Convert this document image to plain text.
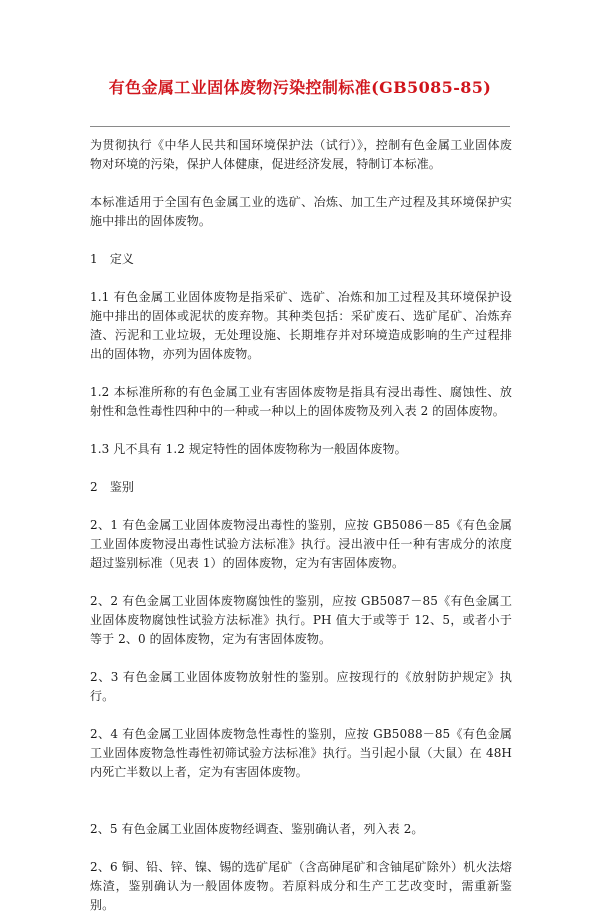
有色金属工业固体废物污染控制标准(GB5085-85)

为贯彻执行《中华人民共和国环境保护法（试行）》，控制有色金属工业固体废物对环境的污染，保护人体健康，促进经济发展，特制订本标准。

本标准适用于全国有色金属工业的选矿、冶炼、加工生产过程及其环境保护实施中排出的固体废物。

1　定义

1.1 有色金属工业固体废物是指采矿、选矿、冶炼和加工过程及其环境保护设施中排出的固体或泥状的废弃物。其种类包括：采矿废石、选矿尾矿、冶炼弃渣、污泥和工业垃圾，无处理设施、长期堆存并对环境造成影响的生产过程排出的固体物，亦列为固体废物。

1.2 本标准所称的有色金属工业有害固体废物是指具有浸出毒性、腐蚀性、放射性和急性毒性四种中的一种或一种以上的固体废物及列入表 2 的固体废物。

1.3 凡不具有 1.2 规定特性的固体废物称为一般固体废物。

2　鉴别

2、1 有色金属工业固体废物浸出毒性的鉴别，应按 GB5086－85《有色金属工业固体废物浸出毒性试验方法标准》执行。浸出液中任一种有害成分的浓度超过鉴别标准（见表 1）的固体废物，定为有害固体废物。

2、2 有色金属工业固体废物腐蚀性的鉴别，应按 GB5087－85《有色金属工业固体废物腐蚀性试验方法标准》执行。PH 值大于或等于 12、5，或者小于等于 2、0 的固体废物，定为有害固体废物。

2、3 有色金属工业固体废物放射性的鉴别。应按现行的《放射防护规定》执行。

2、4 有色金属工业固体废物急性毒性的鉴别，应按 GB5088－85《有色金属工业固体废物急性毒性初筛试验方法标准》执行。当引起小鼠（大鼠）在 48H 内死亡半数以上者，定为有害固体废物。

2、5 有色金属工业固体废物经调查、鉴别确认者，列入表 2。

2、6 铜、铅、锌、镍、锡的选矿尾矿（含高砷尾矿和含铀尾矿除外）机火法熔炼渣，鉴别确认为一般固体废物。若原料成分和生产工艺改变时，需重新鉴别。
